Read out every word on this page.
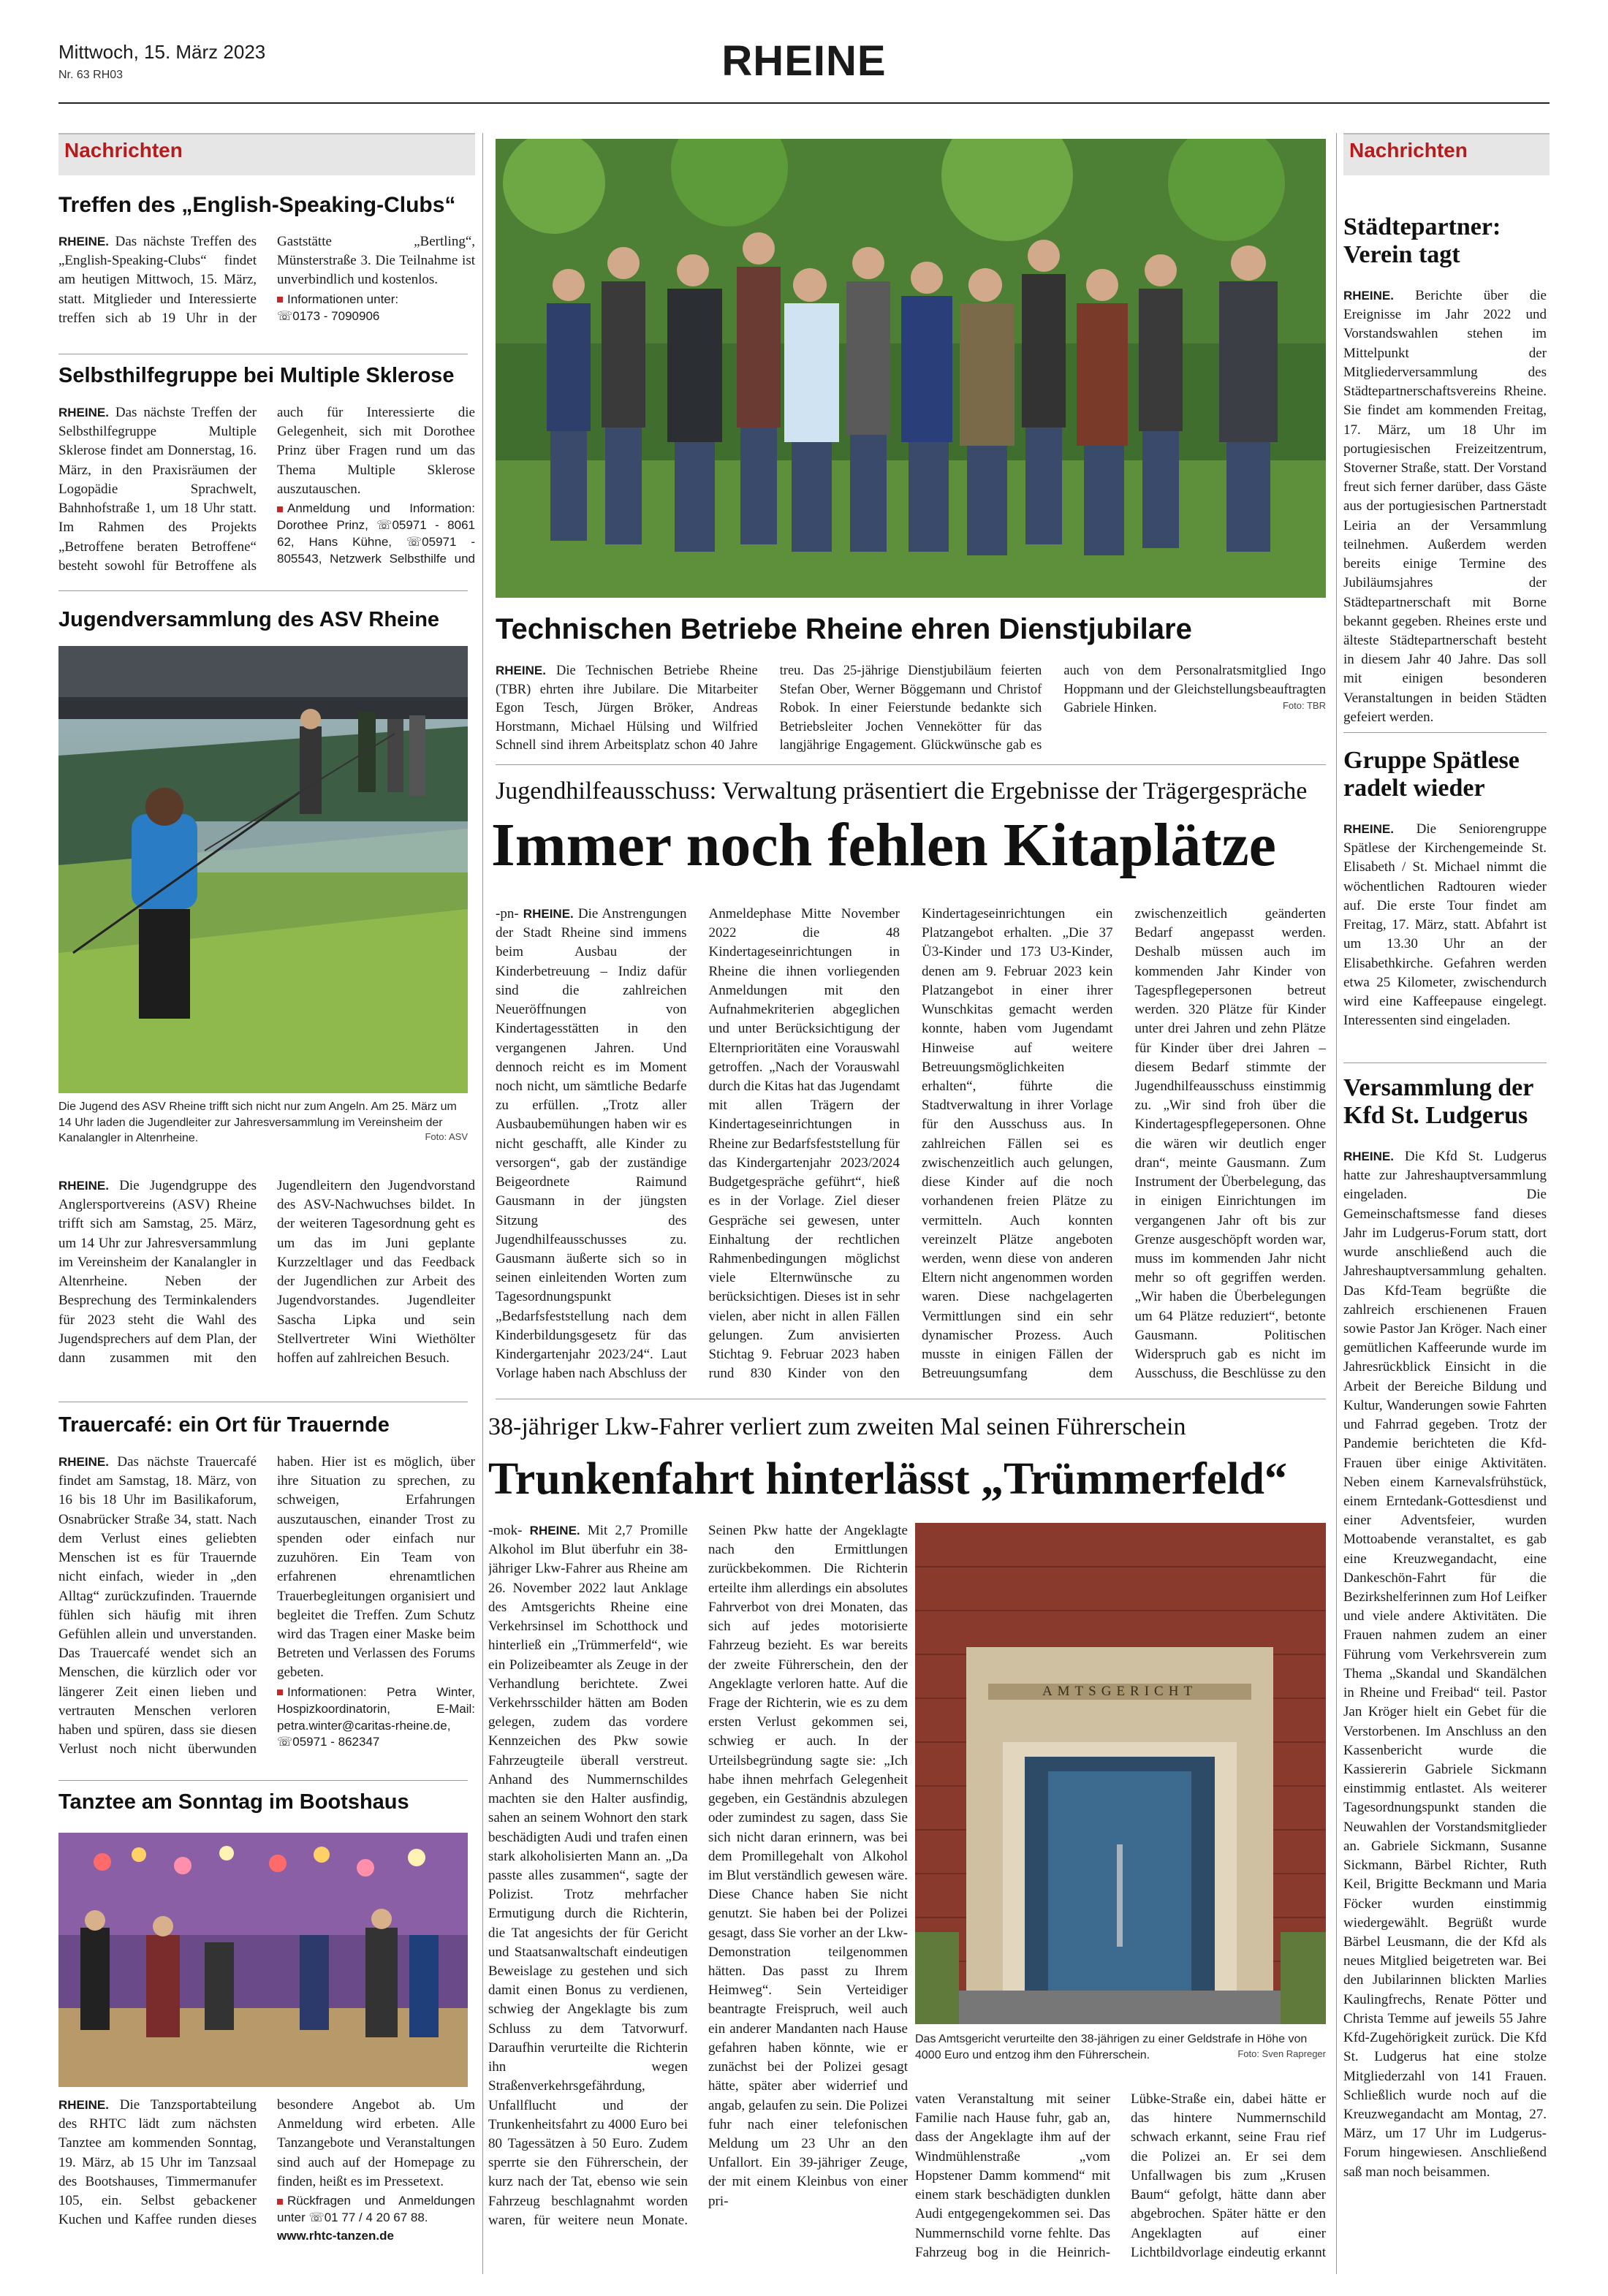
Mittwoch, 15. März 2023
Nr. 63 RH03	RHEINE
Nachrichten
Treffen des „English-Speaking-Clubs“
RHEINE. Das nächste Treffen des „English-Speaking-Clubs“ findet am heutigen Mittwoch, 15. März, statt. Mitglieder und Interessierte treffen sich ab 19 Uhr in der Gaststätte „Bertling“, Münsterstraße 3. Die Teilnahme ist unverbindlich und kostenlos.
Informationen unter:
☏0173 - 7090906
Selbsthilfegruppe bei Multiple Sklerose
RHEINE. Das nächste Treffen der Selbsthilfegruppe Multiple Sklerose findet am Donnerstag, 16. März, in den Praxisräumen der Logopädie Sprachwelt, Bahnhofstraße 1, um 18 Uhr statt. Im Rahmen des Projekts „Betroffene beraten Betroffene“ besteht sowohl für Betroffene als auch für Interessierte die Gelegenheit, sich mit Dorothee Prinz über Fragen rund um das Thema Multiple Sklerose auszutauschen.
Anmeldung und Information: Dorothee Prinz, ☏05971 - 8061 62, Hans Kühne, ☏05971 - 805543, Netzwerk Selbsthilfe und
Jugendversammlung des ASV Rheine
Die Jugend des ASV Rheine trifft sich nicht nur zum Angeln. Am 25. März um 14 Uhr laden die Jugendleiter zur Jahresversammlung im Vereinsheim der Kanalangler in Altenrheine.	Foto: ASV
RHEINE. Die Jugendgruppe des Anglersportvereins (ASV) Rheine trifft sich am Samstag, 25. März, um 14 Uhr zur Jahresversammlung im Vereinsheim der Kanalangler in Altenrheine. Neben der Besprechung des Terminkalenders für 2023 steht die Wahl des Jugendsprechers auf dem Plan, der dann zusammen mit den Jugendleitern den Jugendvorstand des ASV-Nachwuchses bildet. In der weiteren Tagesordnung geht es um das im Juni geplante Kurzzeltlager und das Feedback der Jugendlichen zur Arbeit des Jugendvorstandes. Jugendleiter Sascha Lipka und sein Stellvertreter Wini Wiethölter hoffen auf zahlreichen Besuch.
Trauercafé: ein Ort für Trauernde
RHEINE. Das nächste Trauercafé findet am Samstag, 18. März, von 16 bis 18 Uhr im Basilikaforum, Osnabrücker Straße 34, statt. Nach dem Verlust eines geliebten Menschen ist es für Trauernde nicht einfach, wieder in „den Alltag“ zurückzufinden. Trauernde fühlen sich häufig mit ihren Gefühlen allein und unverstanden. Das Trauercafé wendet sich an Menschen, die kürzlich oder vor längerer Zeit einen lieben und vertrauten Menschen verloren haben und spüren, dass sie diesen Verlust noch nicht überwunden haben. Hier ist es möglich, über ihre Situation zu sprechen, zu schweigen, Erfahrungen auszutauschen, einander Trost zu spenden oder einfach nur zuzuhören. Ein Team von erfahrenen ehrenamtlichen Trauerbegleitungen organisiert und begleitet die Treffen. Zum Schutz wird das Tragen einer Maske beim Betreten und Verlassen des Forums gebeten.
Informationen: Petra Winter, Hospizkoordinatorin, E-Mail: petra.winter@caritas-rheine.de, ☏05971 - 862347
Tanztee am Sonntag im Bootshaus
RHEINE. Die Tanzsportabteilung des RHTC lädt zum nächsten Tanztee am kommenden Sonntag, 19. März, ab 15 Uhr im Tanzsaal des Bootshauses, Timmermanufer 105, ein. Selbst gebackener Kuchen und Kaffee runden dieses besondere Angebot ab. Um Anmeldung wird erbeten. Alle Tanzangebote und Veranstaltungen sind auch auf der Homepage zu finden, heißt es im Pressetext.
Rückfragen und Anmeldungen unter ☏01 77 / 4 20 67 88.
www.rhtc-tanzen.de
Technischen Betriebe Rheine ehren Dienstjubilare
RHEINE. Die Technischen Betriebe Rheine (TBR) ehrten ihre Jubilare. Die Mitarbeiter Egon Tesch, Jürgen Bröker, Andreas Horstmann, Michael Hülsing und Wilfried Schnell sind ihrem Arbeitsplatz schon 40 Jahre treu. Das 25-jährige Dienstjubiläum feierten Stefan Ober, Werner Böggemann und Christof Robok. In einer Feierstunde bedankte sich Betriebsleiter Jochen Vennekötter für das langjährige Engagement. Glückwünsche gab es auch von dem Personalratsmitglied Ingo Hoppmann und der Gleichstellungsbeauftragten Gabriele Hinken.	Foto: TBR
Jugendhilfeausschuss: Verwaltung präsentiert die Ergebnisse der Trägergespräche
Immer noch fehlen Kitaplätze
-pn- RHEINE. Die Anstrengungen der Stadt Rheine sind immens beim Ausbau der Kinderbetreuung – Indiz dafür sind die zahlreichen Neueröffnungen von Kindertagesstätten in den vergangenen Jahren. Und dennoch reicht es im Moment noch nicht, um sämtliche Bedarfe zu erfüllen. „Trotz aller Ausbaubemühungen haben wir es nicht geschafft, alle Kinder zu versorgen“, gab der zuständige Beigeordnete Raimund Gausmann in der jüngsten Sitzung des Jugendhilfeausschusses zu. Gausmann äußerte sich so in seinen einleitenden Worten zum Tagesordnungspunkt „Bedarfsfeststellung nach dem Kinderbildungsgesetz für das Kindergartenjahr 2023/24“. Laut Vorlage haben nach Abschluss der Anmeldephase Mitte November 2022 die 48 Kindertageseinrichtungen in Rheine die ihnen vorliegenden Anmeldungen mit den Aufnahmekriterien abgeglichen und unter Berücksichtigung der Elternprioritäten eine Vorauswahl getroffen. „Nach der Vorauswahl durch die Kitas hat das Jugendamt mit allen Trägern der Kindertageseinrichtungen in Rheine zur Bedarfsfeststellung für das Kindergartenjahr 2023/2024 Budgetgespräche geführt“, hieß es in der Vorlage. Ziel dieser Gespräche sei gewesen, unter Einhaltung der rechtlichen Rahmenbedingungen möglichst viele Elternwünsche zu berücksichtigen. Dieses ist in sehr vielen, aber nicht in allen Fällen gelungen. Zum anvisierten Stichtag 9. Februar 2023 haben rund 830 Kinder von den Kindertageseinrichtungen ein Platzangebot erhalten. „Die 37 Ü3-Kinder und 173 U3-Kinder, denen am 9. Februar 2023 kein Platzangebot in einer ihrer Wunschkitas gemacht werden konnte, haben vom Jugendamt Hinweise auf weitere Betreuungsmöglichkeiten erhalten“, führte die Stadtverwaltung in ihrer Vorlage für den Ausschuss aus. In zahlreichen Fällen sei es zwischenzeitlich auch gelungen, diese Kinder auf die noch vorhandenen freien Plätze zu vermitteln. Auch konnten vereinzelt Plätze angeboten werden, wenn diese von anderen Eltern nicht angenommen worden waren. Diese nachgelagerten Vermittlungen sind ein sehr dynamischer Prozess. Auch musste in einigen Fällen der Betreuungsumfang dem zwischenzeitlich geänderten Bedarf angepasst werden. Deshalb müssen auch im kommenden Jahr Kinder von Tagespflegepersonen betreut werden. 320 Plätze für Kinder unter drei Jahren und zehn Plätze für Kinder über drei Jahren – diesem Bedarf stimmte der Jugendhilfeausschuss einstimmig zu. „Wir sind froh über die Kindertagespflegepersonen. Ohne die wären wir deutlich enger dran“, meinte Gausmann. Zum Instrument der Überbelegung, das in einigen Einrichtungen im vergangenen Jahr oft bis zur Grenze ausgeschöpft worden war, muss im kommenden Jahr nicht mehr so oft gegriffen werden. „Wir haben die Überbelegungen um 64 Plätze reduziert“, betonte Gausmann. Politischen Widerspruch gab es nicht im Ausschuss, die Beschlüsse zu den
38-jähriger Lkw-Fahrer verliert zum zweiten Mal seinen Führerschein
Trunkenfahrt hinterlässt „Trümmerfeld“
-mok- RHEINE. Mit 2,7 Promille Alkohol im Blut überfuhr ein 38-jähriger Lkw-Fahrer aus Rheine am 26. November 2022 laut Anklage des Amtsgerichts Rheine eine Verkehrsinsel im Schotthock und hinterließ ein „Trümmerfeld“, wie ein Polizeibeamter als Zeuge in der Verhandlung berichtete. Zwei Verkehrsschilder hätten am Boden gelegen, zudem das vordere Kennzeichen des Pkw sowie Fahrzeugteile überall verstreut. Anhand des Nummernschildes machten sie den Halter ausfindig, sahen an seinem Wohnort den stark beschädigten Audi und trafen einen stark alkoholisierten Mann an. „Da passte alles zusammen“, sagte der Polizist. Trotz mehrfacher Ermutigung durch die Richterin, die Tat angesichts der für Gericht und Staatsanwaltschaft eindeutigen Beweislage zu gestehen und sich damit einen Bonus zu verdienen, schwieg der Angeklagte bis zum Schluss zu dem Tatvorwurf. Daraufhin verurteilte die Richterin ihn wegen Straßenverkehrsgefährdung, Unfallflucht und der Trunkenheitsfahrt zu 4000 Euro bei 80 Tagessätzen à 50 Euro. Zudem sperrte sie den Führerschein, der kurz nach der Tat, ebenso wie sein Fahrzeug beschlagnahmt worden waren, für weitere neun Monate. Seinen Pkw hatte der Angeklagte nach den Ermittlungen zurückbekommen. Die Richterin erteilte ihm allerdings ein absolutes Fahrverbot von drei Monaten, das sich auf jedes motorisierte Fahrzeug bezieht. Es war bereits der zweite Führerschein, den der Angeklagte verloren hatte. Auf die Frage der Richterin, wie es zu dem ersten Verlust gekommen sei, schwieg er auch. In der Urteilsbegründung sagte sie: „Ich habe ihnen mehrfach Gelegenheit gegeben, ein Geständnis abzulegen oder zumindest zu sagen, dass Sie sich nicht daran erinnern, was bei dem Promillegehalt von Alkohol im Blut verständlich gewesen wäre. Diese Chance haben Sie nicht genutzt. Sie haben bei der Polizei gesagt, dass Sie vorher an der Lkw-Demonstration teilgenommen hätten. Das passt zu Ihrem Heimweg“. Sein Verteidiger beantragte Freispruch, weil auch ein anderer Mandanten nach Hause gefahren haben könnte, wie er zunächst bei der Polizei gesagt hätte, später aber widerrief und angab, gelaufen zu sein. Die Polizei fuhr nach einer telefonischen Meldung um 23 Uhr an den Unfallort. Ein 39-jähriger Zeuge, der mit einem Kleinbus von einer pri-
AMTSGERICHT
Das Amtsgericht verurteilte den 38-jährigen zu einer Geldstrafe in Höhe von 4000 Euro und entzog ihm den Führerschein.	Foto: Sven Rapreger
vaten Veranstaltung mit seiner Familie nach Hause fuhr, gab an, dass der Angeklagte ihm auf der Windmühlenstraße „vom Hopstener Damm kommend“ mit einem stark beschädigten dunklen Audi entgegengekommen sei. Das Nummernschild vorne fehlte. Das Fahrzeug bog in die Heinrich-Lübke-Straße ein, dabei hätte er das hintere Nummernschild schwach erkannt, seine Frau rief die Polizei an. Er sei dem Unfallwagen bis zum „Krusen Baum“ gefolgt, hätte dann aber abgebrochen. Später hätte er den Angeklagten auf einer Lichtbildvorlage eindeutig erkannt
Nachrichten
Städtepartner: Verein tagt
RHEINE. Berichte über die Ereignisse im Jahr 2022 und Vorstandswahlen stehen im Mittelpunkt der Mitgliederversammlung des Städtepartnerschaftsvereins Rheine. Sie findet am kommenden Freitag, 17. März, um 18 Uhr im portugiesischen Freizeitzentrum, Stoverner Straße, statt. Der Vorstand freut sich ferner darüber, dass Gäste aus der portugiesischen Partnerstadt Leiria an der Versammlung teilnehmen. Außerdem werden bereits einige Termine des Jubiläumsjahres der Städtepartnerschaft mit Borne bekannt gegeben. Rheines erste und älteste Städtepartnerschaft besteht in diesem Jahr 40 Jahre. Das soll mit einigen besonderen Veranstaltungen in beiden Städten gefeiert werden.
Gruppe Spätlese radelt wieder
RHEINE. Die Seniorengruppe Spätlese der Kirchengemeinde St. Elisabeth / St. Michael nimmt die wöchentlichen Radtouren wieder auf. Die erste Tour findet am Freitag, 17. März, statt. Abfahrt ist um 13.30 Uhr an der Elisabethkirche. Gefahren werden etwa 25 Kilometer, zwischendurch wird eine Kaffeepause eingelegt. Interessenten sind eingeladen.
Versammlung der Kfd St. Ludgerus
RHEINE. Die Kfd St. Ludgerus hatte zur Jahreshauptversammlung eingeladen. Die Gemeinschaftsmesse fand dieses Jahr im Ludgerus-Forum statt, dort wurde anschließend auch die Jahreshauptversammlung gehalten. Das Kfd-Team begrüßte die zahlreich erschienenen Frauen sowie Pastor Jan Kröger. Nach einer gemütlichen Kaffeerunde wurde im Jahresrückblick Einsicht in die Arbeit der Bereiche Bildung und Kultur, Wanderungen sowie Fahrten und Fahrrad gegeben. Trotz der Pandemie berichteten die Kfd-Frauen über einige Aktivitäten. Neben einem Karnevalsfrühstück, einem Erntedank-Gottesdienst und einer Adventsfeier, wurden Mottoabende veranstaltet, es gab eine Kreuzwegandacht, eine Dankeschön-Fahrt für die Bezirkshelferinnen zum Hof Leifker und viele andere Aktivitäten. Die Frauen nahmen zudem an einer Führung vom Verkehrsverein zum Thema „Skandal und Skandälchen in Rheine und Freibad“ teil. Pastor Jan Kröger hielt ein Gebet für die Verstorbenen. Im Anschluss an den Kassenbericht wurde die Kassiererin Gabriele Sickmann einstimmig entlastet. Als weiterer Tagesordnungspunkt standen die Neuwahlen der Vorstandsmitglieder an. Gabriele Sickmann, Susanne Sickmann, Bärbel Richter, Ruth Keil, Brigitte Beckmann und Maria Föcker wurden einstimmig wiedergewählt. Begrüßt wurde Bärbel Leusmann, die der Kfd als neues Mitglied beigetreten war. Bei den Jubilarinnen blickten Marlies Kaulingfrechs, Renate Pötter und Christa Temme auf jeweils 55 Jahre Kfd-Zugehörigkeit zurück. Die Kfd St. Ludgerus hat eine stolze Mitgliederzahl von 141 Frauen. Schließlich wurde noch auf die Kreuzwegandacht am Montag, 27. März, um 17 Uhr im Ludgerus-Forum hingewiesen. Anschließend saß man noch beisammen.
